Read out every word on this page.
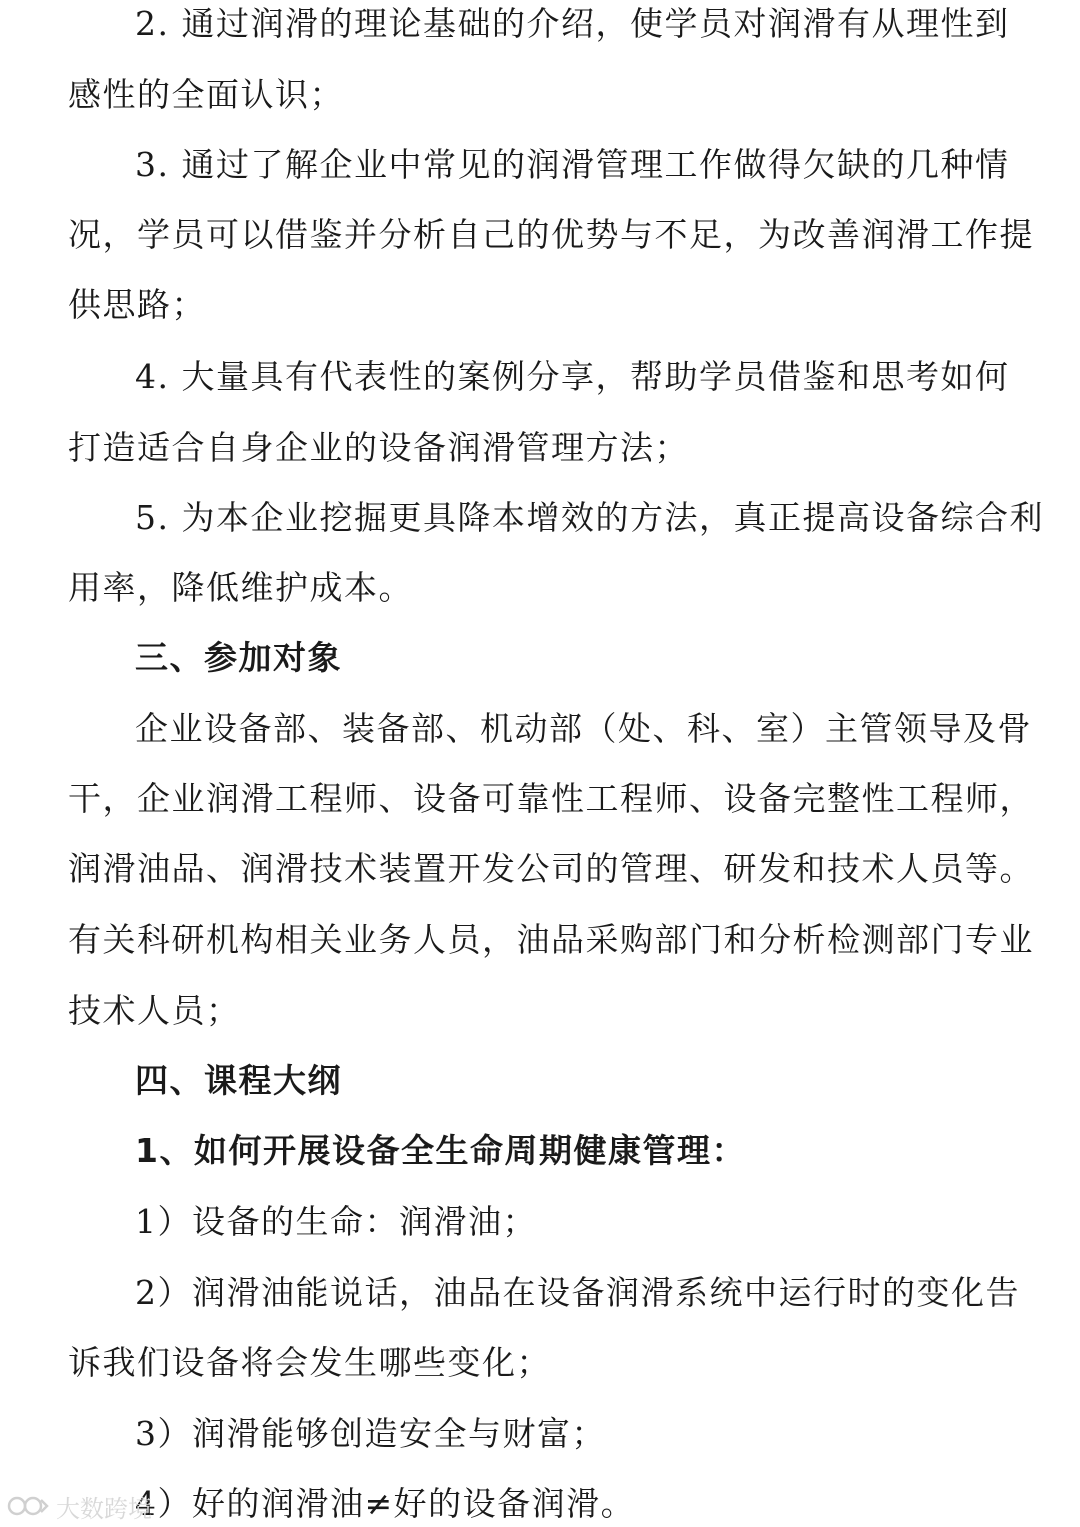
2. 通过润滑的理论基础的介绍，使学员对润滑有从理性到
感性的全面认识；
3. 通过了解企业中常见的润滑管理工作做得欠缺的几种情
况，学员可以借鉴并分析自己的优势与不足，为改善润滑工作提
供思路；
4. 大量具有代表性的案例分享，帮助学员借鉴和思考如何
打造适合自身企业的设备润滑管理方法；
5. 为本企业挖掘更具降本增效的方法，真正提高设备综合利
用率，降低维护成本。
三、参加对象
企业设备部、装备部、机动部（处、科、室）主管领导及骨
干，企业润滑工程师、设备可靠性工程师、设备完整性工程师，
润滑油品、润滑技术装置开发公司的管理、研发和技术人员等。
有关科研机构相关业务人员，油品采购部门和分析检测部门专业
技术人员；
四、课程大纲
1、如何开展设备全生命周期健康管理：
1）设备的生命：润滑油；
2）润滑油能说话，油品在设备润滑系统中运行时的变化告
诉我们设备将会发生哪些变化；
3）润滑能够创造安全与财富；
4）好的润滑油≠好的设备润滑。
大数跨境
